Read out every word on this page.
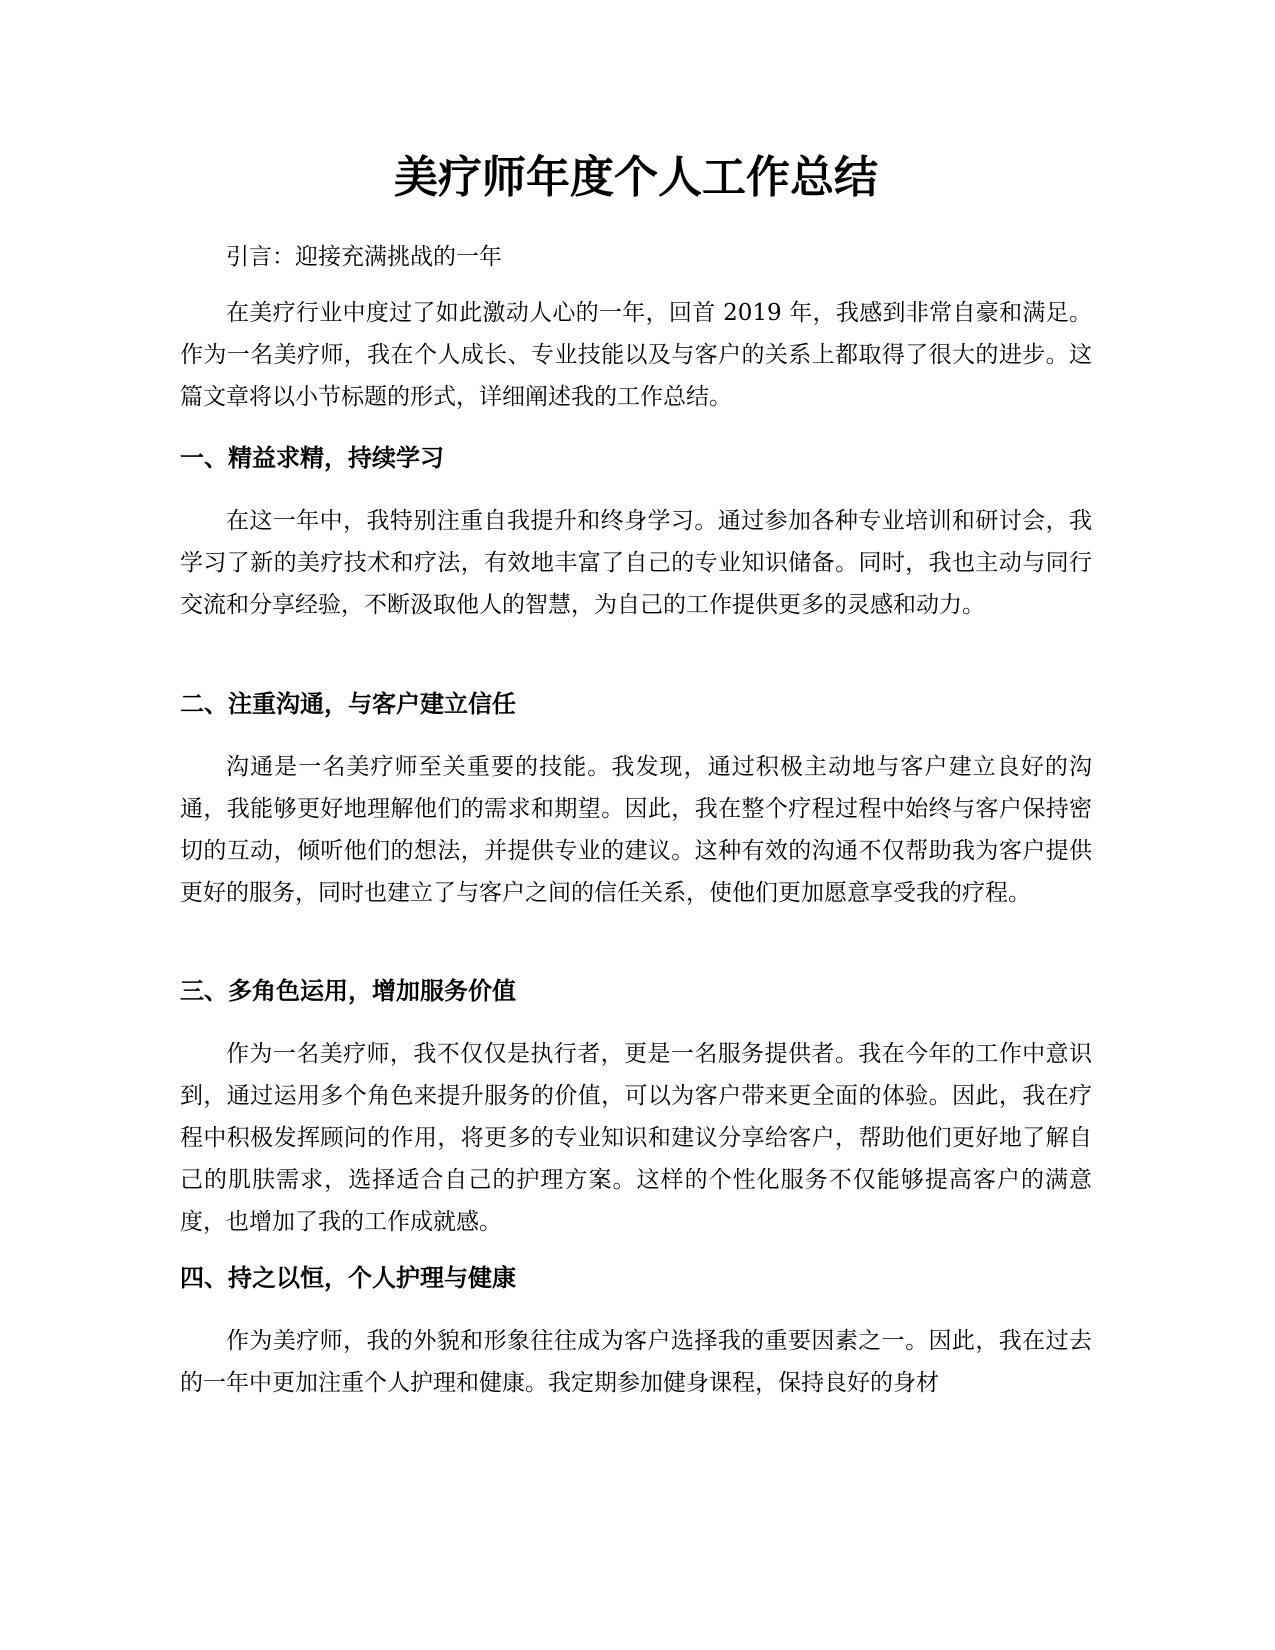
美疗师年度个人工作总结

引言：迎接充满挑战的一年

在美疗行业中度过了如此激动人心的一年，回首 2019 年，我感到非常自豪和满足。作为一名美疗师，我在个人成长、专业技能以及与客户的关系上都取得了很大的进步。这篇文章将以小节标题的形式，详细阐述我的工作总结。

一、精益求精，持续学习

在这一年中，我特别注重自我提升和终身学习。通过参加各种专业培训和研讨会，我学习了新的美疗技术和疗法，有效地丰富了自己的专业知识储备。同时，我也主动与同行交流和分享经验，不断汲取他人的智慧，为自己的工作提供更多的灵感和动力。

二、注重沟通，与客户建立信任

沟通是一名美疗师至关重要的技能。我发现，通过积极主动地与客户建立良好的沟通，我能够更好地理解他们的需求和期望。因此，我在整个疗程过程中始终与客户保持密切的互动，倾听他们的想法，并提供专业的建议。这种有效的沟通不仅帮助我为客户提供更好的服务，同时也建立了与客户之间的信任关系，使他们更加愿意享受我的疗程。

三、多角色运用，增加服务价值

作为一名美疗师，我不仅仅是执行者，更是一名服务提供者。我在今年的工作中意识到，通过运用多个角色来提升服务的价值，可以为客户带来更全面的体验。因此，我在疗程中积极发挥顾问的作用，将更多的专业知识和建议分享给客户，帮助他们更好地了解自己的肌肤需求，选择适合自己的护理方案。这样的个性化服务不仅能够提高客户的满意度，也增加了我的工作成就感。

四、持之以恒，个人护理与健康

作为美疗师，我的外貌和形象往往成为客户选择我的重要因素之一。因此，我在过去的一年中更加注重个人护理和健康。我定期参加健身课程，保持良好的身材
